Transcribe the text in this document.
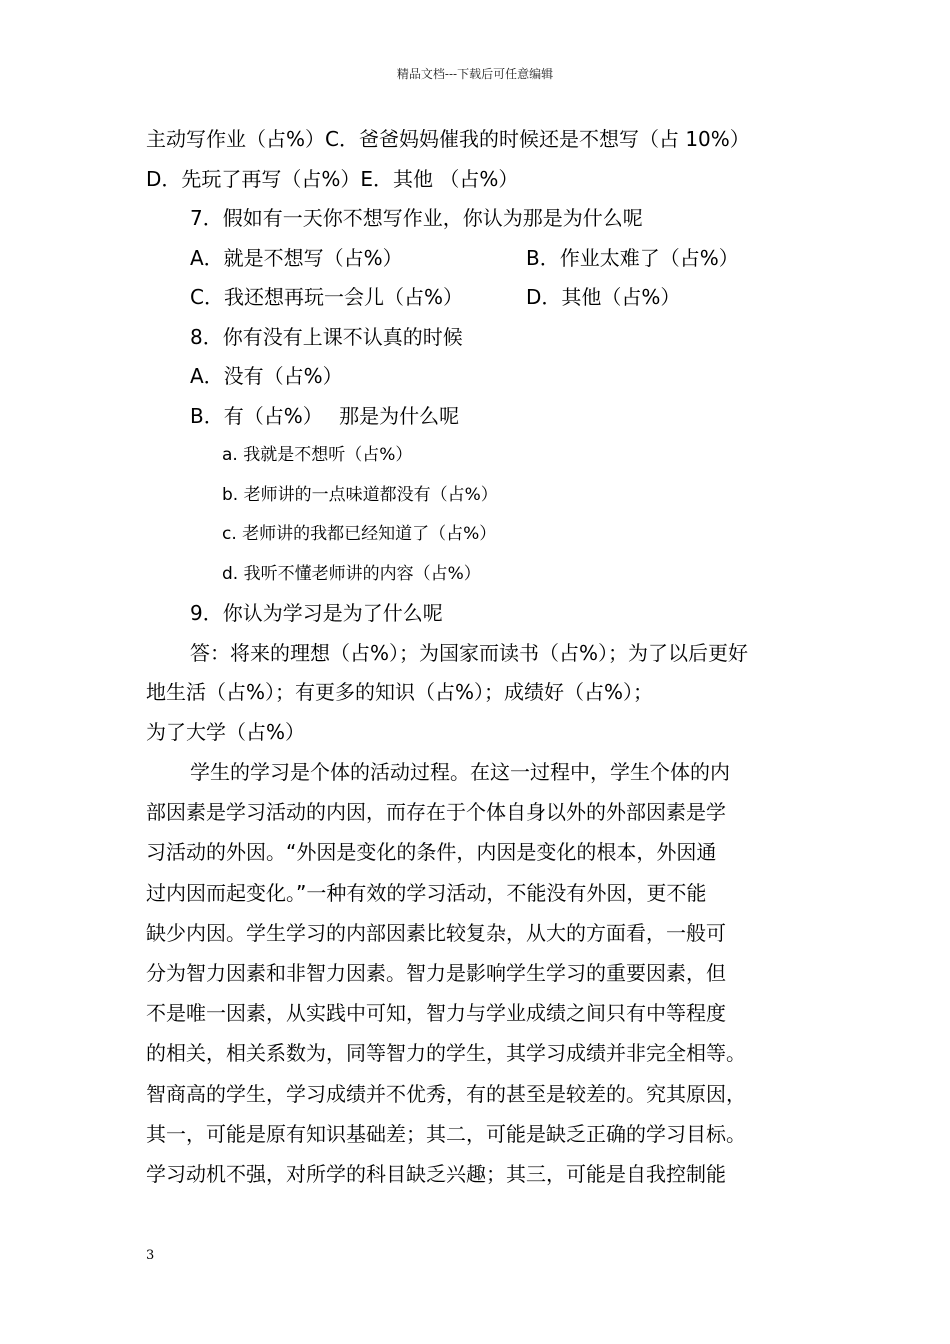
精品文档---下载后可任意编辑
主动写作业（占%）C．爸爸妈妈催我的时候还是不想写（占 10%）
D．先玩了再写（占%）E．其他 （占%）
7．假如有一天你不想写作业，你认为那是为什么呢
A．就是不想写（占%）	B．作业太难了（占%）
C．我还想再玩一会儿（占%）	D．其他（占%）
8．你有没有上课不认真的时候
A．没有（占%）
B．有（占%）　 那是为什么呢
a. 我就是不想听（占%）
b. 老师讲的一点味道都没有（占%）
c. 老师讲的我都已经知道了（占%）
d. 我听不懂老师讲的内容（占%）
9．你认为学习是为了什么呢
答：将来的理想（占%）；为国家而读书（占%）；为了以后更好
地生活（占%）；有更多的知识（占%）；成绩好（占%）；
为了大学（占%）
学生的学习是个体的活动过程。在这一过程中，学生个体的内
部因素是学习活动的内因，而存在于个体自身以外的外部因素是学
习活动的外因。“外因是变化的条件，内因是变化的根本，外因通
过内因而起变化。”一种有效的学习活动，不能没有外因，更不能
缺少内因。学生学习的内部因素比较复杂，从大的方面看，一般可
分为智力因素和非智力因素。智力是影响学生学习的重要因素，但
不是唯一因素，从实践中可知，智力与学业成绩之间只有中等程度
的相关，相关系数为，同等智力的学生，其学习成绩并非完全相等。
智商高的学生，学习成绩并不优秀，有的甚至是较差的。究其原因，
其一，可能是原有知识基础差；其二，可能是缺乏正确的学习目标。
学习动机不强，对所学的科目缺乏兴趣；其三，可能是自我控制能
3
